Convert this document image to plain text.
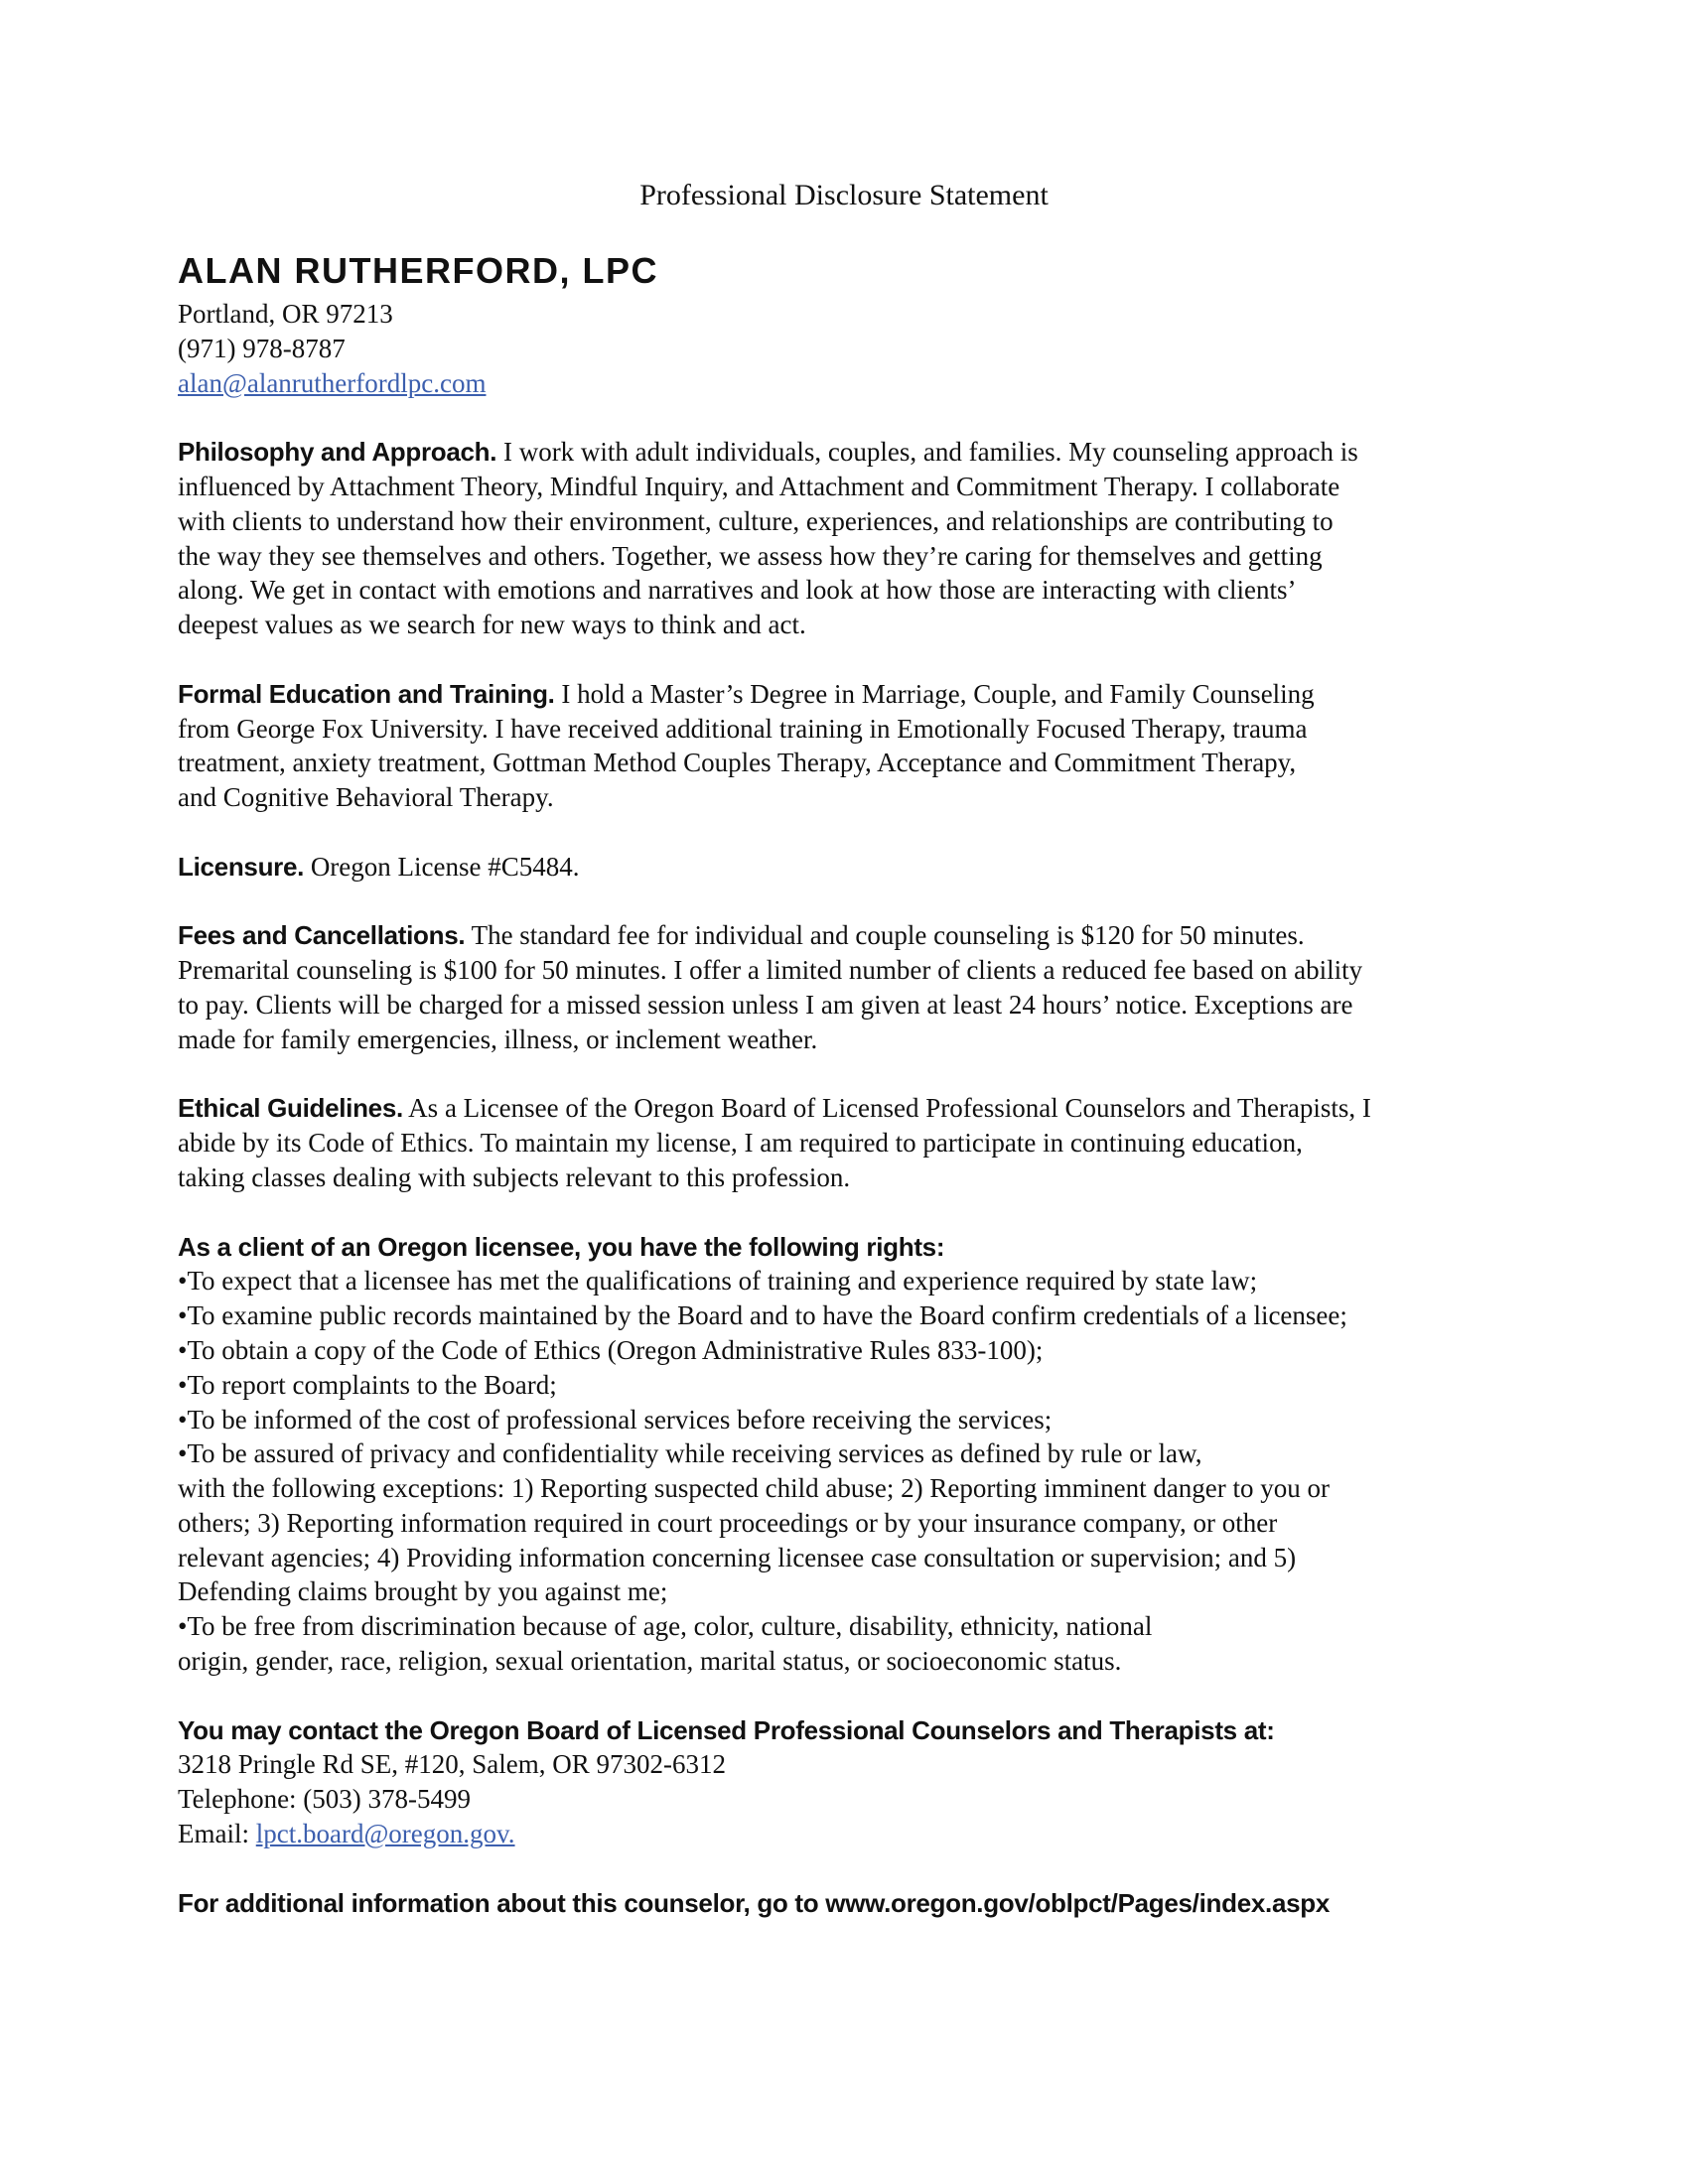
Professional Disclosure Statement
ALAN RUTHERFORD, LPC
Portland, OR 97213
(971) 978-8787
alan@alanrutherfordlpc.com
Philosophy and Approach. I work with adult individuals, couples, and families. My counseling approach is
influenced by Attachment Theory, Mindful Inquiry, and Attachment and Commitment Therapy. I collaborate
with clients to understand how their environment, culture, experiences, and relationships are contributing to
the way they see themselves and others. Together, we assess how they’re caring for themselves and getting
along. We get in contact with emotions and narratives and look at how those are interacting with clients’
deepest values as we search for new ways to think and act.
Formal Education and Training. I hold a Master’s Degree in Marriage, Couple, and Family Counseling
from George Fox University. I have received additional training in Emotionally Focused Therapy, trauma
treatment, anxiety treatment, Gottman Method Couples Therapy, Acceptance and Commitment Therapy,
and Cognitive Behavioral Therapy.
Licensure. Oregon License #C5484.
Fees and Cancellations. The standard fee for individual and couple counseling is $120 for 50 minutes.
Premarital counseling is $100 for 50 minutes. I offer a limited number of clients a reduced fee based on ability
to pay. Clients will be charged for a missed session unless I am given at least 24 hours’ notice. Exceptions are
made for family emergencies, illness, or inclement weather.
Ethical Guidelines. As a Licensee of the Oregon Board of Licensed Professional Counselors and Therapists, I
abide by its Code of Ethics. To maintain my license, I am required to participate in continuing education,
taking classes dealing with subjects relevant to this profession.
As a client of an Oregon licensee, you have the following rights:
•To expect that a licensee has met the qualifications of training and experience required by state law;
•To examine public records maintained by the Board and to have the Board confirm credentials of a licensee;
•To obtain a copy of the Code of Ethics (Oregon Administrative Rules 833-100);
•To report complaints to the Board;
•To be informed of the cost of professional services before receiving the services;
•To be assured of privacy and confidentiality while receiving services as defined by rule or law,
with the following exceptions: 1) Reporting suspected child abuse; 2) Reporting imminent danger to you or
others; 3) Reporting information required in court proceedings or by your insurance company, or other
relevant agencies; 4) Providing information concerning licensee case consultation or supervision; and 5)
Defending claims brought by you against me;
•To be free from discrimination because of age, color, culture, disability, ethnicity, national
origin, gender, race, religion, sexual orientation, marital status, or socioeconomic status.
You may contact the Oregon Board of Licensed Professional Counselors and Therapists at:
3218 Pringle Rd SE, #120, Salem, OR 97302-6312
Telephone: (503) 378-5499
Email: lpct.board@oregon.gov.
For additional information about this counselor, go to www.oregon.gov/oblpct/Pages/index.aspx
